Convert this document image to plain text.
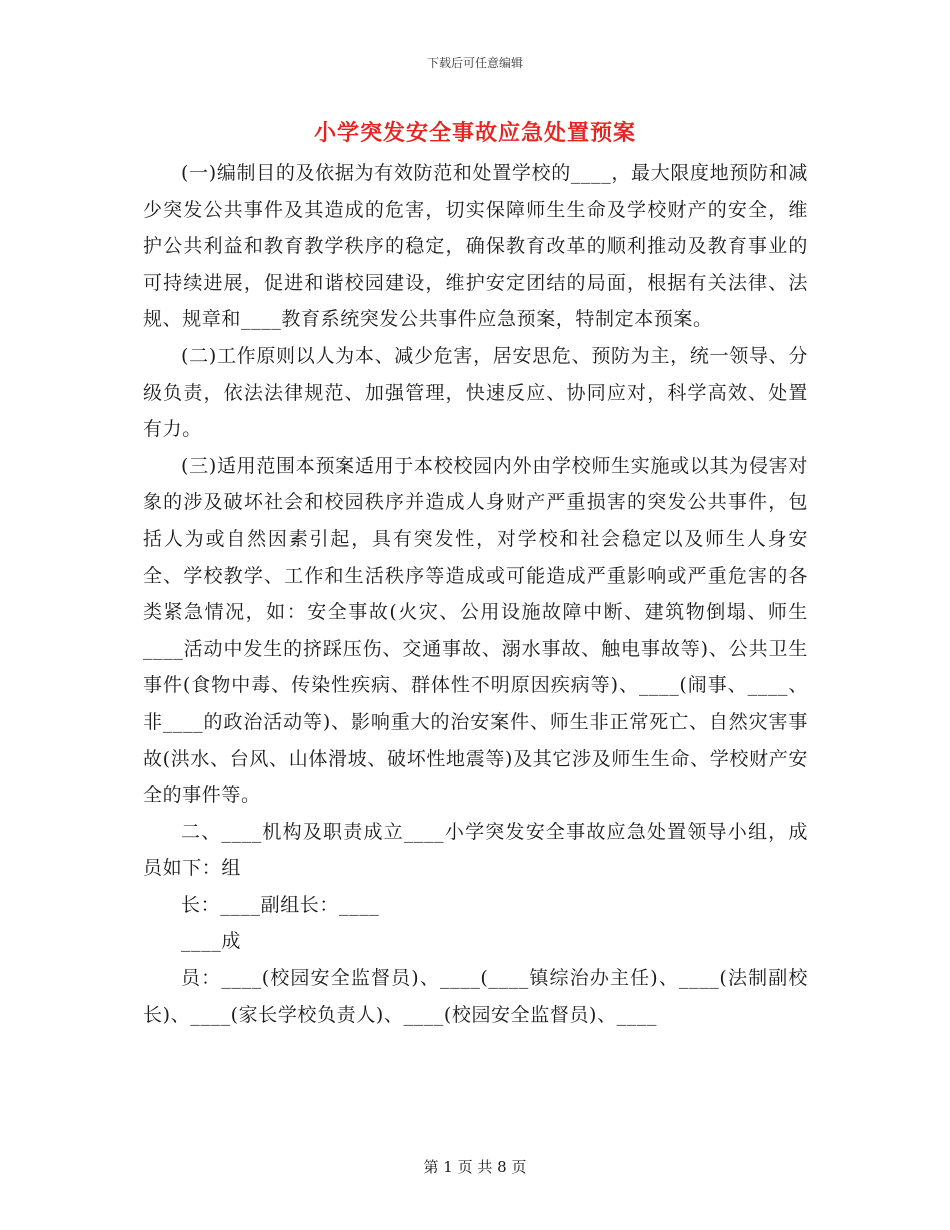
下载后可任意编辑
小学突发安全事故应急处置预案

(一)编制目的及依据为有效防范和处置学校的____，最大限度地预防和减少突发公共事件及其造成的危害，切实保障师生生命及学校财产的安全，维护公共利益和教育教学秩序的稳定，确保教育改革的顺利推动及教育事业的可持续进展，促进和谐校园建设，维护安定团结的局面，根据有关法律、法规、规章和____教育系统突发公共事件应急预案，特制定本预案。

(二)工作原则以人为本、减少危害，居安思危、预防为主，统一领导、分级负责，依法法律规范、加强管理，快速反应、协同应对，科学高效、处置有力。

(三)适用范围本预案适用于本校校园内外由学校师生实施或以其为侵害对象的涉及破坏社会和校园秩序并造成人身财产严重损害的突发公共事件，包括人为或自然因素引起，具有突发性，对学校和社会稳定以及师生人身安全、学校教学、工作和生活秩序等造成或可能造成严重影响或严重危害的各类紧急情况，如：安全事故(火灾、公用设施故障中断、建筑物倒塌、师生____活动中发生的挤踩压伤、交通事故、溺水事故、触电事故等)、公共卫生事件(食物中毒、传染性疾病、群体性不明原因疾病等)、____(闹事、____、非____的政治活动等)、影响重大的治安案件、师生非正常死亡、自然灾害事故(洪水、台风、山体滑坡、破坏性地震等)及其它涉及师生生命、学校财产安全的事件等。

二、____机构及职责成立____小学突发安全事故应急处置领导小组，成员如下：组

长：____副组长：____

____成

员：____(校园安全监督员)、____(____镇综治办主任)、____(法制副校长)、____(家长学校负责人)、____(校园安全监督员)、____

第 1 页 共 8 页
